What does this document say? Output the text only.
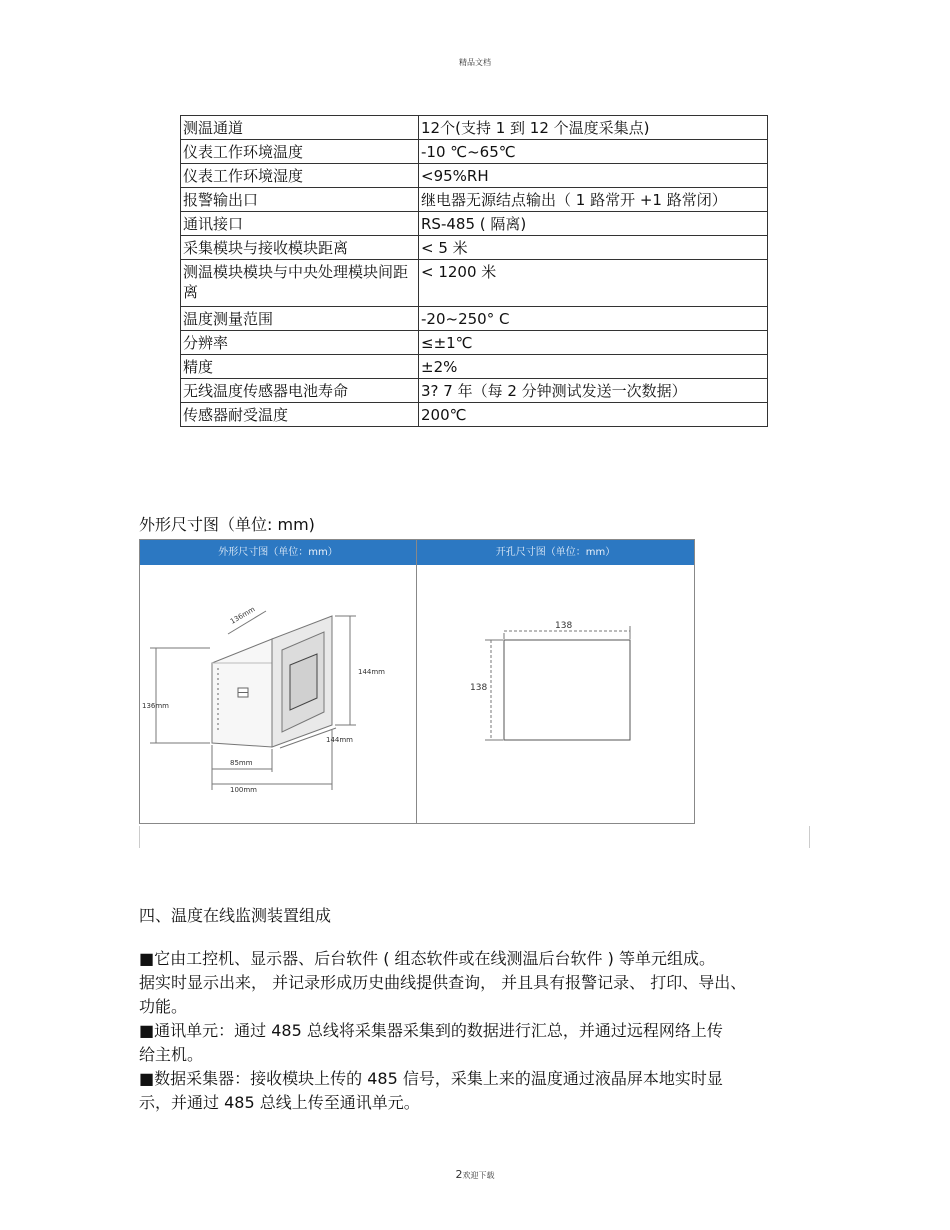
精品文档
测温通道	12个(支持 1 到 12 个温度采集点)
仪表工作环境温度	-10 ℃~65℃
仪表工作环境湿度	<95%RH
报警输出口	继电器无源结点输出（ 1 路常开 +1 路常闭）
通讯接口	RS-485 ( 隔离)
采集模块与接收模块距离	< 5 米
测温模块模块与中央处理模块间距离	< 1200 米
温度测量范围	-20~250° C
分辨率	≤±1℃
精度	±2%
无线温度传感器电池寿命	3? 7 年（每 2 分钟测试发送一次数据）
传感器耐受温度	200℃
外形尺寸图（单位: mm)
外形尺寸图（单位：mm）	开孔尺寸图（单位：mm）
136mm
144mm
144mm
136mm
85mm
100mm
138
138
四、温度在线监测装置组成
■它由工控机、显示器、后台软件 ( 组态软件或在线测温后台软件 ) 等单元组成。
据实时显示出来， 并记录形成历史曲线提供查询， 并且具有报警记录、 打印、导出、
功能。
■通讯单元：通过 485 总线将采集器采集到的数据进行汇总，并通过远程网络上传
给主机。
■数据采集器：接收模块上传的 485 信号，采集上来的温度通过液晶屏本地实时显
示，并通过 485 总线上传至通讯单元。
2欢迎下载
